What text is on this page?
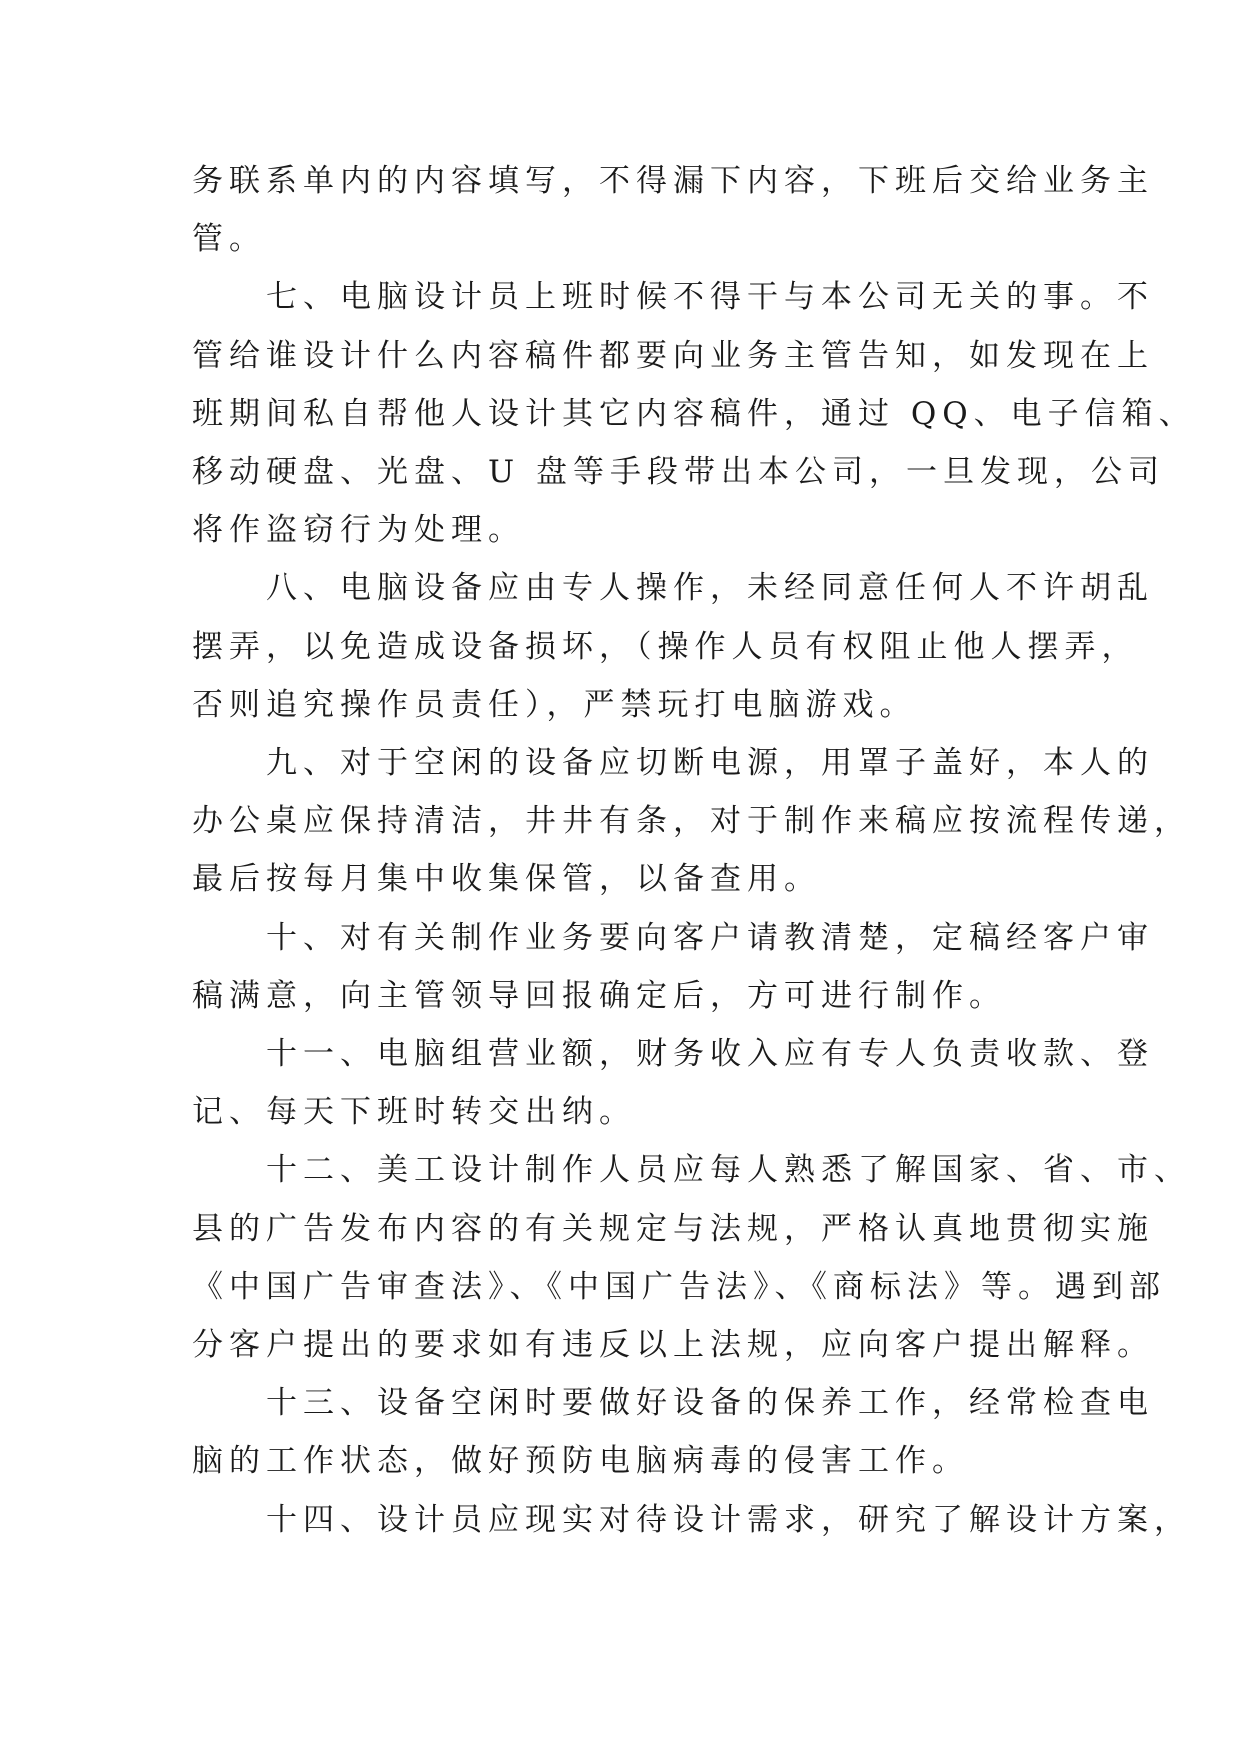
务联系单内的内容填写，不得漏下内容，下班后交给业务主
管。

七、电脑设计员上班时候不得干与本公司无关的事。不
管给谁设计什么内容稿件都要向业务主管告知，如发现在上
班期间私自帮他人设计其它内容稿件，通过 QQ、电子信箱、
移动硬盘、光盘、U 盘等手段带出本公司，一旦发现，公司
将作盗窃行为处理。

八、电脑设备应由专人操作，未经同意任何人不许胡乱
摆弄，以免造成设备损坏，（操作人员有权阻止他人摆弄，
否则追究操作员责任），严禁玩打电脑游戏。

九、对于空闲的设备应切断电源，用罩子盖好，本人的
办公桌应保持清洁，井井有条，对于制作来稿应按流程传递，
最后按每月集中收集保管，以备查用。

十、对有关制作业务要向客户请教清楚，定稿经客户审
稿满意，向主管领导回报确定后，方可进行制作。

十一、电脑组营业额，财务收入应有专人负责收款、登
记、每天下班时转交出纳。

十二、美工设计制作人员应每人熟悉了解国家、省、市、
县的广告发布内容的有关规定与法规，严格认真地贯彻实施
《中国广告审查法》、《中国广告法》、《商标法》等。遇到部
分客户提出的要求如有违反以上法规，应向客户提出解释。

十三、设备空闲时要做好设备的保养工作，经常检查电
脑的工作状态，做好预防电脑病毒的侵害工作。

十四、设计员应现实对待设计需求，研究了解设计方案，
